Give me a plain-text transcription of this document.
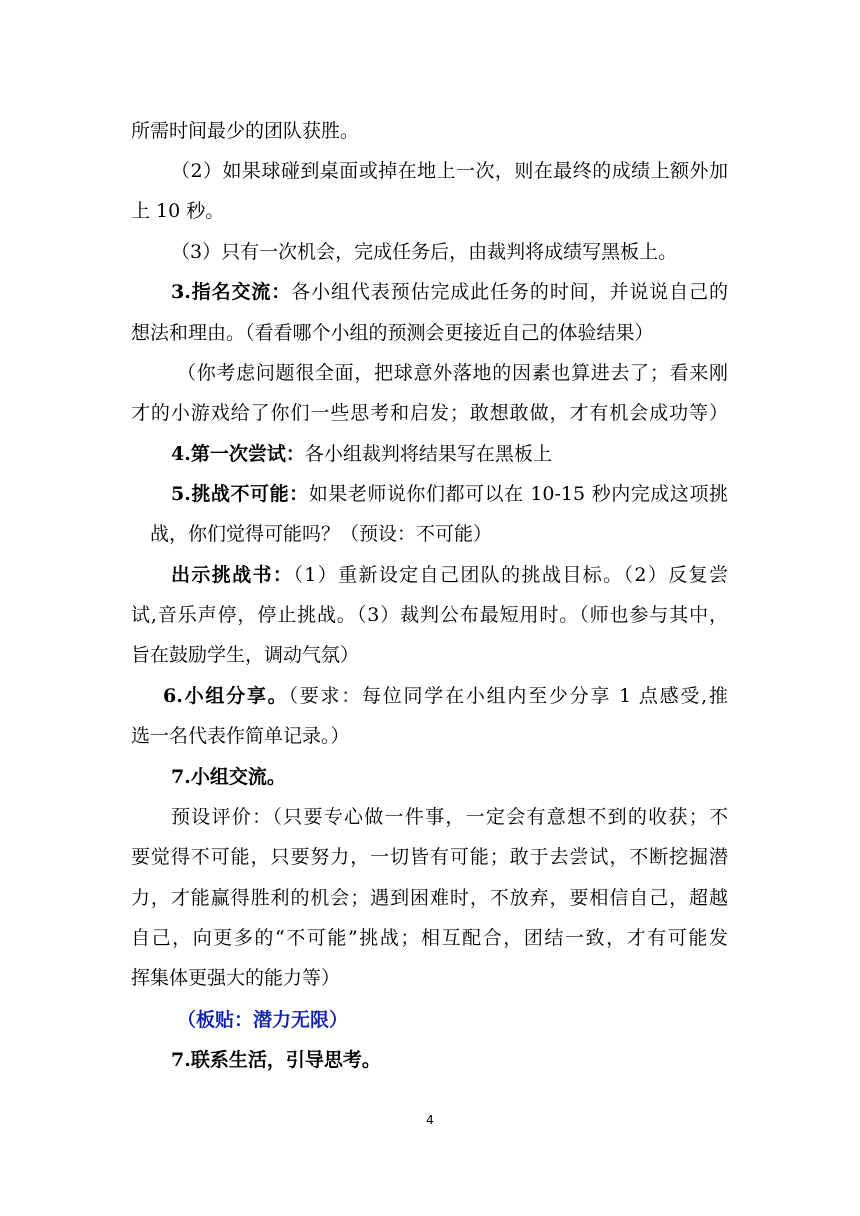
所需时间最少的团队获胜。
（2）如果球碰到桌面或掉在地上一次，则在最终的成绩上额外加
上 10 秒。
（3）只有一次机会，完成任务后，由裁判将成绩写黑板上。
3.指名交流：各小组代表预估完成此任务的时间，并说说自己的
想法和理由。（看看哪个小组的预测会更接近自己的体验结果）
（你考虑问题很全面，把球意外落地的因素也算进去了；看来刚
才的小游戏给了你们一些思考和启发；敢想敢做，才有机会成功等）
4.第一次尝试：各小组裁判将结果写在黑板上
5.挑战不可能：如果老师说你们都可以在 10-15 秒内完成这项挑
战，你们觉得可能吗？（预设：不可能）
出示挑战书：（1）重新设定自己团队的挑战目标。（2）反复尝
试,音乐声停，停止挑战。（3）裁判公布最短用时。（师也参与其中，
旨在鼓励学生，调动气氛）
6.小组分享。（要求：每位同学在小组内至少分享 1 点感受,推
选一名代表作简单记录。）
7.小组交流。
预设评价：（只要专心做一件事，一定会有意想不到的收获；不
要觉得不可能，只要努力，一切皆有可能；敢于去尝试，不断挖掘潜
力，才能赢得胜利的机会；遇到困难时，不放弃，要相信自己，超越
自己，向更多的“不可能”挑战；相互配合，团结一致，才有可能发
挥集体更强大的能力等）
（板贴：潜力无限）
7.联系生活，引导思考。
4
